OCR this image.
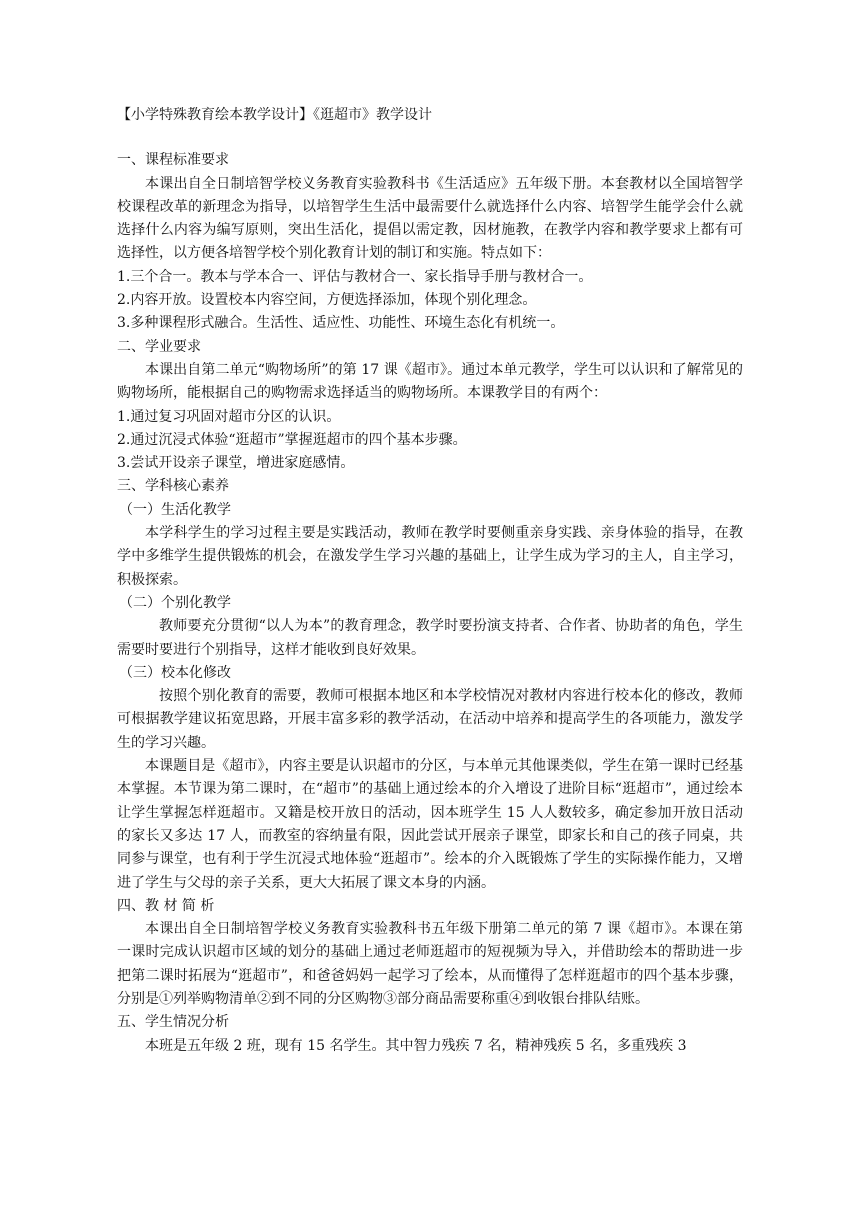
【小学特殊教育绘本教学设计】《逛超市》教学设计

一、课程标准要求

本课出自全日制培智学校义务教育实验教科书《生活适应》五年级下册。本套教材以全国培智学校课程改革的新理念为指导，以培智学生生活中最需要什么就选择什么内容、培智学生能学会什么就选择什么内容为编写原则，突出生活化，提倡以需定教，因材施教，在教学内容和教学要求上都有可选择性，以方便各培智学校个别化教育计划的制订和实施。特点如下：

1.三个合一。教本与学本合一、评估与教材合一、家长指导手册与教材合一。

2.内容开放。设置校本内容空间，方便选择添加，体现个别化理念。

3.多种课程形式融合。生活性、适应性、功能性、环境生态化有机统一。

二、学业要求

本课出自第二单元“购物场所”的第 17 课《超市》。通过本单元教学，学生可以认识和了解常见的购物场所，能根据自己的购物需求选择适当的购物场所。本课教学目的有两个：

1.通过复习巩固对超市分区的认识。

2.通过沉浸式体验“逛超市”掌握逛超市的四个基本步骤。

3.尝试开设亲子课堂，增进家庭感情。

三、学科核心素养

（一）生活化教学

本学科学生的学习过程主要是实践活动，教师在教学时要侧重亲身实践、亲身体验的指导，在教学中多维学生提供锻炼的机会，在激发学生学习兴趣的基础上，让学生成为学习的主人，自主学习，积极探索。

（二）个别化教学

教师要充分贯彻“以人为本”的教育理念，教学时要扮演支持者、合作者、协助者的角色，学生需要时要进行个别指导，这样才能收到良好效果。

（三）校本化修改

按照个别化教育的需要，教师可根据本地区和本学校情况对教材内容进行校本化的修改，教师可根据教学建议拓宽思路，开展丰富多彩的教学活动，在活动中培养和提高学生的各项能力，激发学生的学习兴趣。

本课题目是《超市》，内容主要是认识超市的分区，与本单元其他课类似，学生在第一课时已经基本掌握。本节课为第二课时，在“超市”的基础上通过绘本的介入增设了进阶目标“逛超市”，通过绘本让学生掌握怎样逛超市。又籍是校开放日的活动，因本班学生 15 人人数较多，确定参加开放日活动的家长又多达 17 人，而教室的容纳量有限，因此尝试开展亲子课堂，即家长和自己的孩子同桌，共同参与课堂，也有利于学生沉浸式地体验“逛超市”。绘本的介入既锻炼了学生的实际操作能力，又增进了学生与父母的亲子关系，更大大拓展了课文本身的内涵。

四、教 材 简 析

本课出自全日制培智学校义务教育实验教科书五年级下册第二单元的第 7 课《超市》。本课在第一课时完成认识超市区域的划分的基础上通过老师逛超市的短视频为导入，并借助绘本的帮助进一步把第二课时拓展为“逛超市”，和爸爸妈妈一起学习了绘本，从而懂得了怎样逛超市的四个基本步骤，分别是①列举购物清单②到不同的分区购物③部分商品需要称重④到收银台排队结账。

五、学生情况分析

本班是五年级 2 班，现有 15 名学生。其中智力残疾 7 名，精神残疾 5 名，多重残疾 3
